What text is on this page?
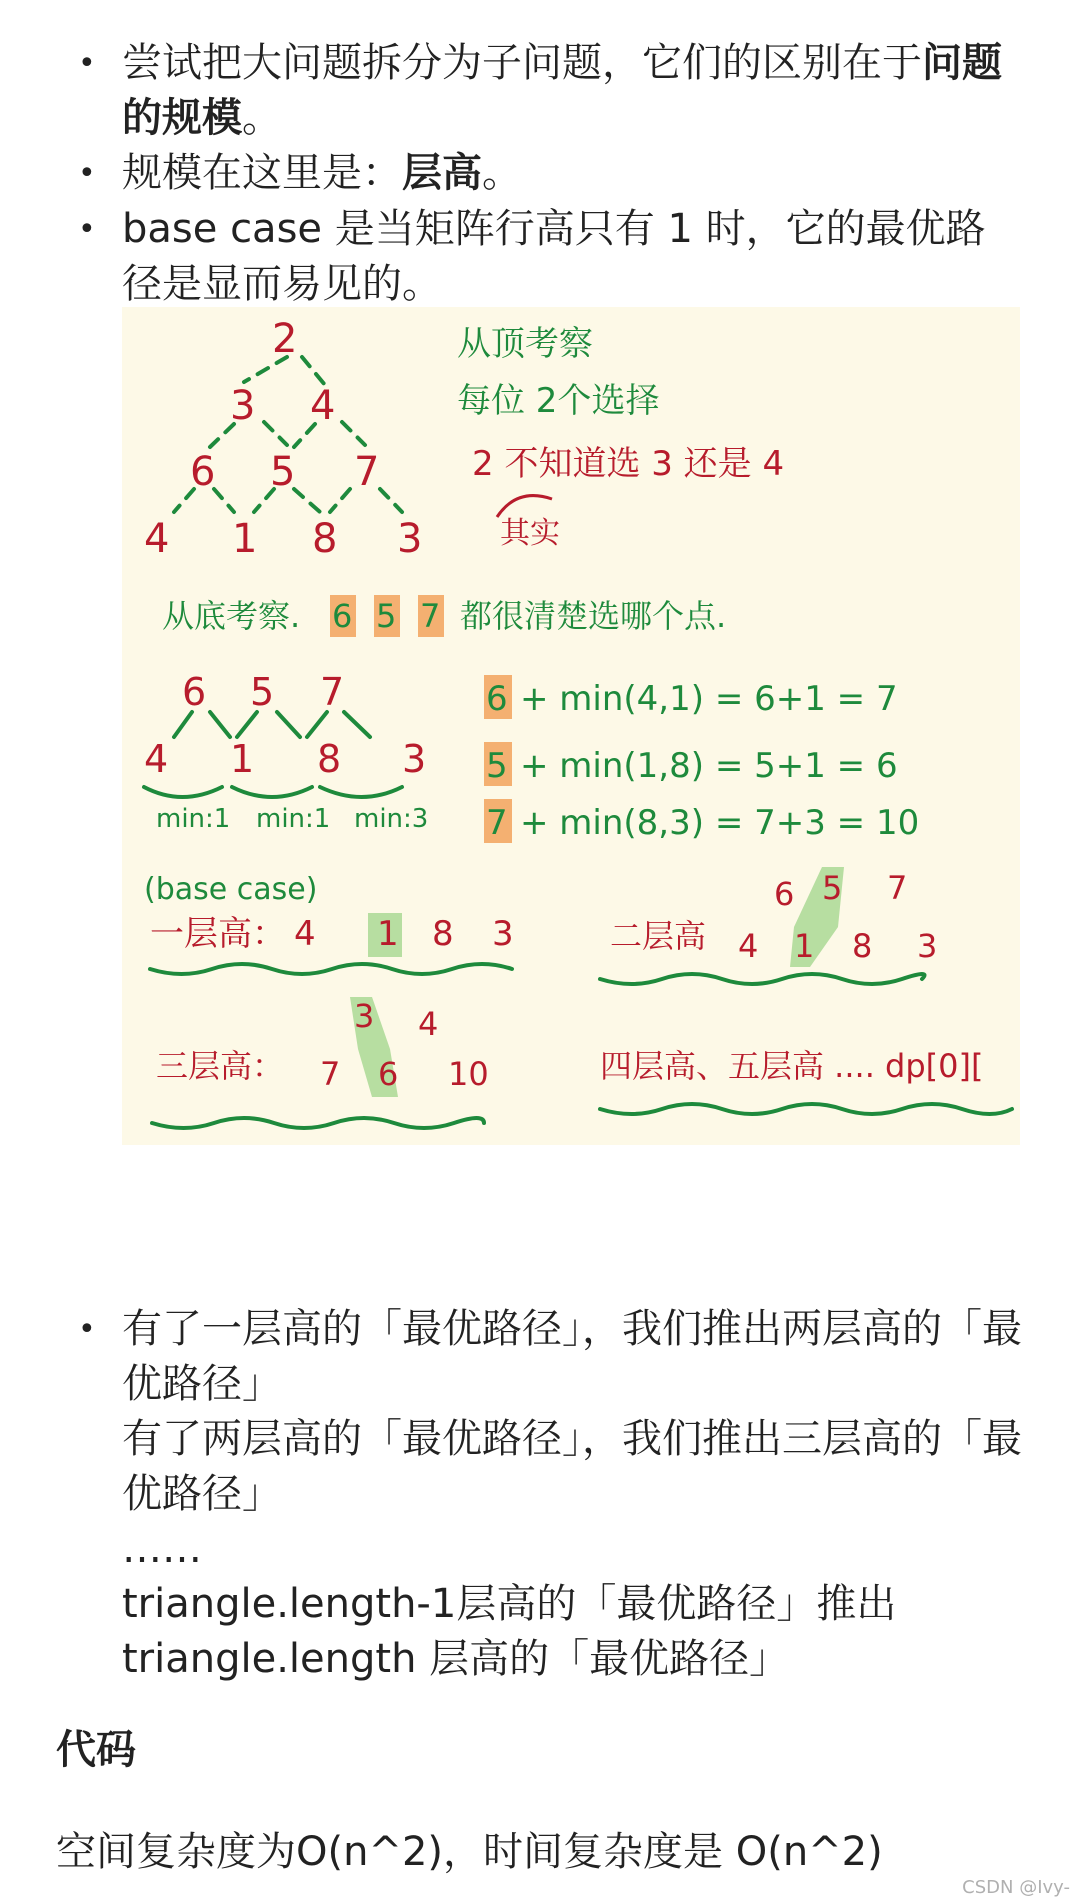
• 尝试把大问题拆分为子问题，它们的区别在于问题的规模。
• 规模在这里是：层高。
• base case 是当矩阵行高只有 1 时，它的最优路径是显而易见的。
• 有了一层高的「最优路径」，我们推出两层高的「最优路径」
有了两层高的「最优路径」，我们推出三层高的「最优路径」
……
triangle.length-1层高的「最优路径」推出
triangle.length 层高的「最优路径」
2
3 4
6 5 7
4 1 8 3
从顶考察
每位 2个选择
2 不知道选 3 还是 4
其实
从底考察. 6 5 7 都很清楚选哪个点.
6 5 7
4 1 8 3
min:1 min:1 min:3
6 + min(4,1) = 6+1 = 7
5 + min(1,8) = 5+1 = 6
7 + min(8,3) = 7+3 = 10
(base case)
一层高： 4 1 8 3	二层高
6 5 7
4 1 8 3
三层高：
3 4
7 6 10	四层高、五层高 .... dp[0][
代码
空间复杂度为O(n^2)，时间复杂度是 O(n^2)
CSDN @Ivy-
